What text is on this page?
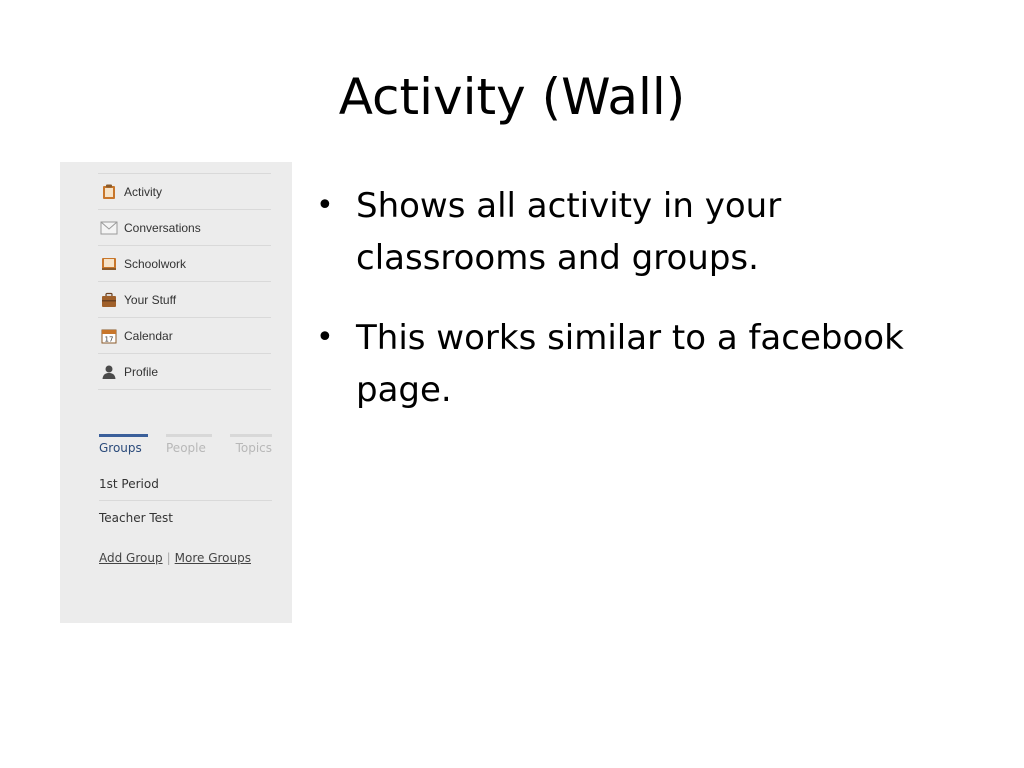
Activity (Wall)
Activity
Conversations
Schoolwork
Your Stuff
17 Calendar
Profile
Groups	People	Topics
1st Period
Teacher Test
Add Group | More Groups
• Shows all activity in your classrooms and groups.
• This works similar to a facebook page.
